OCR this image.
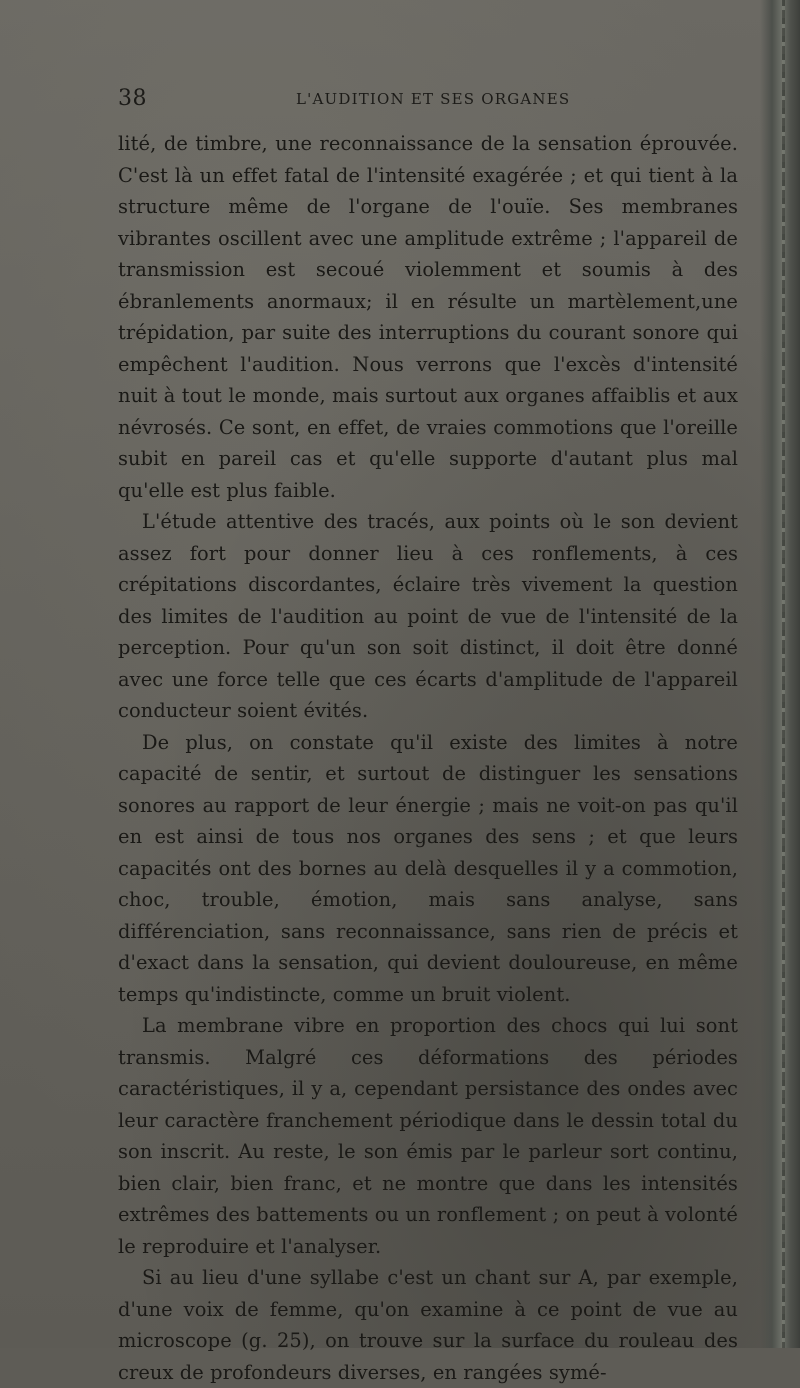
38	L'AUDITION ET SES ORGANES

lité, de timbre, une reconnaissance de la sensation éprouvée. C'est là un effet fatal de l'intensité exagérée ; et qui tient à la structure même de l'organe de l'ouïe. Ses membranes vibrantes oscillent avec une amplitude extrême ; l'appareil de transmission est secoué violemment et soumis à des ébranlements anormaux; il en résulte un martèlement,une trépidation, par suite des interruptions du courant sonore qui empêchent l'audition. Nous verrons que l'excès d'intensité nuit à tout le monde, mais surtout aux organes affaiblis et aux névrosés. Ce sont, en effet, de vraies commotions que l'oreille subit en pareil cas et qu'elle supporte d'autant plus mal qu'elle est plus faible.

L'étude attentive des tracés, aux points où le son devient assez fort pour donner lieu à ces ronflements, à ces crépitations discordantes, éclaire très vivement la question des limites de l'audition au point de vue de l'intensité de la perception. Pour qu'un son soit distinct, il doit être donné avec une force telle que ces écarts d'amplitude de l'appareil conducteur soient évités.

De plus, on constate qu'il existe des limites à notre capacité de sentir, et surtout de distinguer les sensations sonores au rapport de leur énergie ; mais ne voit-on pas qu'il en est ainsi de tous nos organes des sens ; et que leurs capacités ont des bornes au delà desquelles il y a commotion, choc, trouble, émotion, mais sans analyse, sans différenciation, sans reconnaissance, sans rien de précis et d'exact dans la sensation, qui devient douloureuse, en même temps qu'indistincte, comme un bruit violent.

La membrane vibre en proportion des chocs qui lui sont transmis. Malgré ces déformations des périodes caractéristiques, il y a, cependant persistance des ondes avec leur caractère franchement périodique dans le dessin total du son inscrit. Au reste, le son émis par le parleur sort continu, bien clair, bien franc, et ne montre que dans les intensités extrêmes des battements ou un ronflement ; on peut à volonté le reproduire et l'analyser.

Si au lieu d'une syllabe c'est un chant sur A, par exemple, d'une voix de femme, qu'on examine à ce point de vue au microscope (g. 25), on trouve sur la surface du rouleau des creux de profondeurs diverses, en rangées symé-
